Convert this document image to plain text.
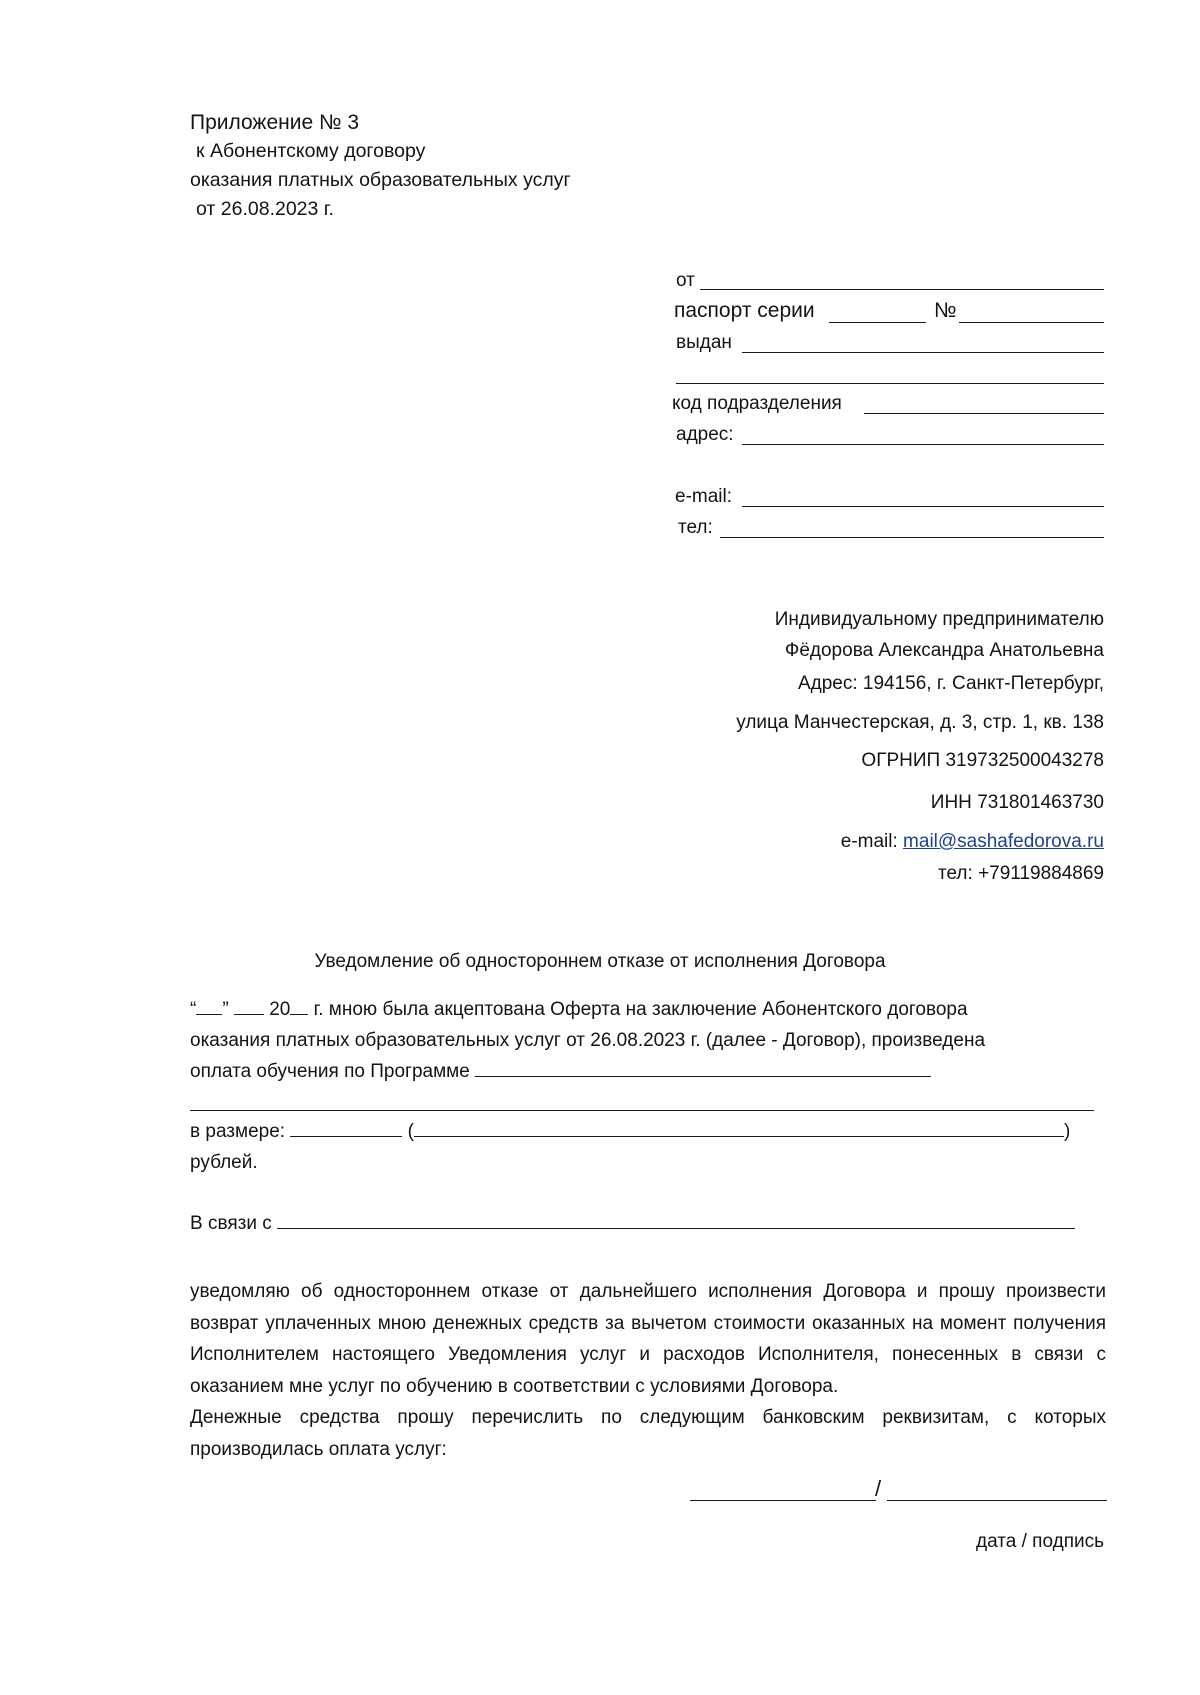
Приложение № 3
к Абонентскому договору
оказания платных образовательных услуг
от 26.08.2023 г.
от
паспорт серии	№
выдан
код подразделения
адрес:
e-mail:
тел:
Индивидуальному предпринимателю
Фёдорова Александра Анатольевна
Адрес: 194156, г. Санкт-Петербург,
улица Манчестерская, д. 3, стр. 1, кв. 138
ОГРНИП 319732500043278
ИНН 731801463730
e-mail: mail@sashafedorova.ru
тел: +79119884869
Уведомление об одностороннем отказе от исполнения Договора
“ ” 20 г. мною была акцептована Оферта на заключение Абонентского договора
оказания платных образовательных услуг от 26.08.2023 г. (далее - Договор), произведена
оплата обучения по Программе
в размере:	(	)
рублей.
В связи с
уведомляю об одностороннем отказе от дальнейшего исполнения Договора и прошу произвести возврат уплаченных мною денежных средств за вычетом стоимости оказанных на момент получения Исполнителем настоящего Уведомления услуг и расходов Исполнителя, понесенных в связи с оказанием мне услуг по обучению в соответствии с условиями Договора.
Денежные средства прошу перечислить по следующим банковским реквизитам, с которых производилась оплата услуг:
/
дата / подпись
